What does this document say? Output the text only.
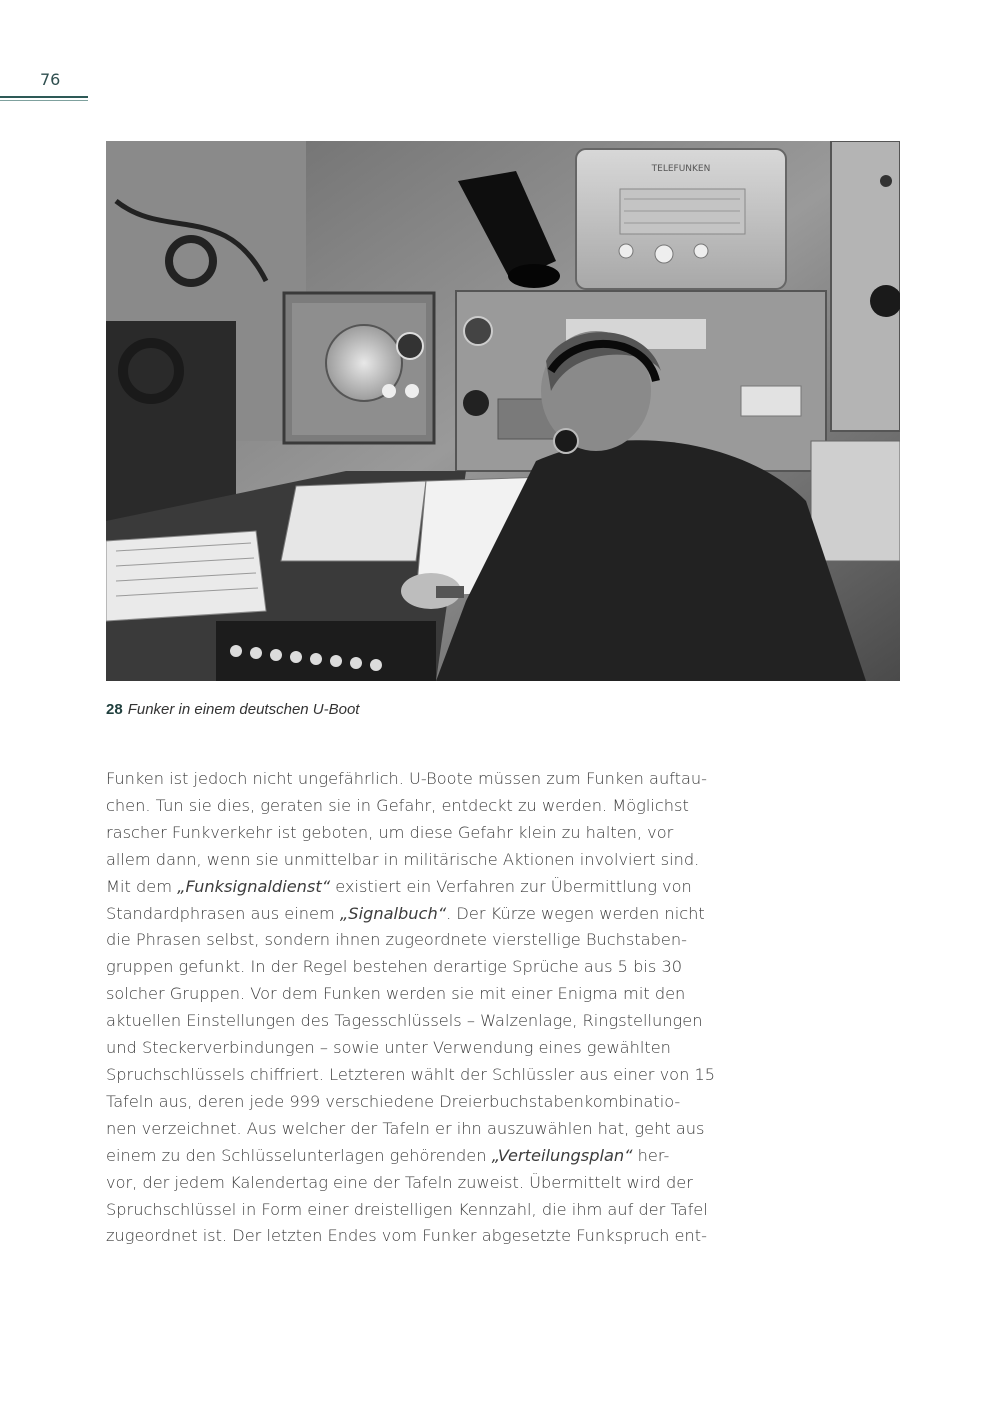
76
TELEFUNKEN
28 Funker in einem deutschen U-Boot
Funken ist jedoch nicht ungefährlich. U-Boote müssen zum Funken auftau-
chen. Tun sie dies, geraten sie in Gefahr, entdeckt zu werden. Möglichst
rascher Funkverkehr ist geboten, um diese Gefahr klein zu halten, vor
allem dann, wenn sie unmittelbar in militärische Aktionen involviert sind.
Mit dem „Funksignaldienst“ existiert ein Verfahren zur Übermittlung von
Standardphrasen aus einem „Signalbuch“. Der Kürze wegen werden nicht
die Phrasen selbst, sondern ihnen zugeordnete vierstellige Buchstaben-
gruppen gefunkt. In der Regel bestehen derartige Sprüche aus 5 bis 30
solcher Gruppen. Vor dem Funken werden sie mit einer Enigma mit den
aktuellen Einstellungen des Tagesschlüssels – Walzenlage, Ringstellungen
und Steckerverbindungen – sowie unter Verwendung eines gewählten
Spruchschlüssels chiffriert. Letzteren wählt der Schlüssler aus einer von 15
Tafeln aus, deren jede 999 verschiedene Dreierbuchstabenkombinatio-
nen verzeichnet. Aus welcher der Tafeln er ihn auszuwählen hat, geht aus
einem zu den Schlüsselunterlagen gehörenden „Verteilungsplan“ her-
vor, der jedem Kalendertag eine der Tafeln zuweist. Übermittelt wird der
Spruchschlüssel in Form einer dreistelligen Kennzahl, die ihm auf der Tafel
zugeordnet ist. Der letzten Endes vom Funker abgesetzte Funkspruch ent-
